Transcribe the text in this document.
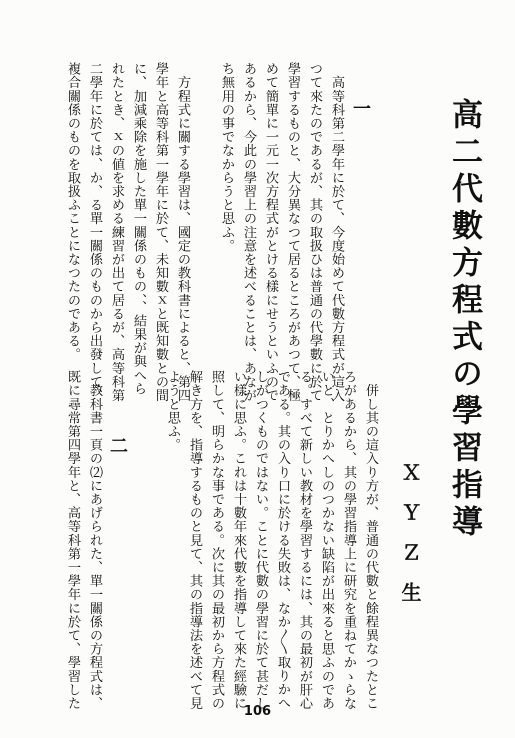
高二代數方程式の學習指導
ＸＹＺ生
一
　高等科第二學年に於て、今度始めて代數方程式が這入
つて來たのであるが、其の取扱ひは普通の代學數に於て
學習するものと、大分異なつて居るところがあつて、極
めて簡單に一元一次方程式がとける樣にせうといふので
あるから、今此の學習上の注意を述べることは、あなが
ち無用の事でなからうと思ふ。
　方程式に關する學習は、國定の教科書によると、第四
學年と高等科第一學年に於て、未知數ｘと既知數との間
に、加減乘除を施した單一關係のもの、、結果が與へら
れたとき、ｘの値を求める練習が出て居るが、高等科第
二學年に於ては、か、る單一關係のものから出發して、
複合關係のものを取扱ふことになつたのである。
　併し其の這入り方が、普通の代數と餘程異なつたとこ
ろがあるから、其の學習指導上に研究を重ねてかゝらな
いと、とりかへしのつかない缺陷が出來ると思ふのであ
る。すべて新しい教材を學習するには、其の最初が肝心
である。其の入り口に於ける失敗は、なか〳〵取りかへ
しがつくものではない。ことに代數の學習に於て甚だし
い樣に思ふ。これは十數年來代數を指導して來た經驗に
照して、明らかな事である。次に其の最初から方程式の
解き方を、指導するものと見て、其の指導法を述べて見
ようと思ふ。
二
　教科書一頁の⑵にあげられた、單一關係の方程式は、
既に尋常第四學年と、高等科第一學年に於て、學習した
106
